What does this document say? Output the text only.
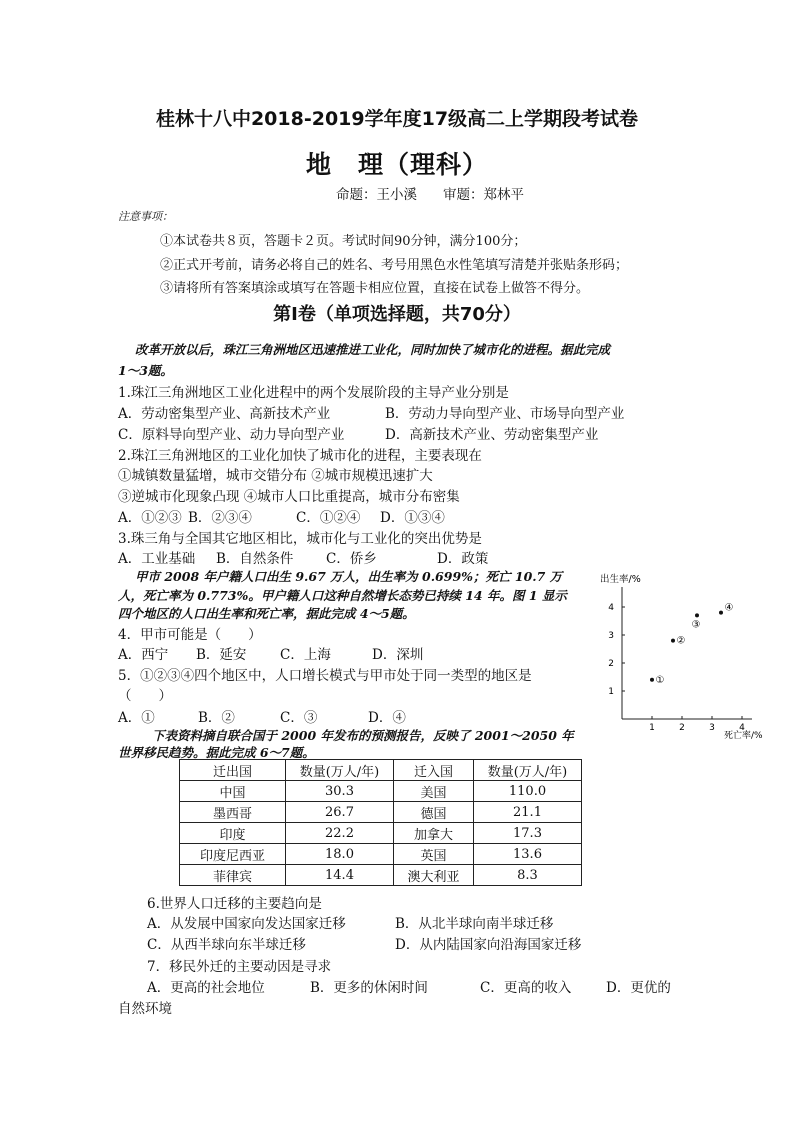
桂林十八中2018-2019学年度17级高二上学期段考试卷
地　理（理科）
命题：王小溪 审题：郑林平
注意事项：
①本试卷共８页，答题卡２页。考试时间90分钟，满分100分；
②正式开考前，请务必将自己的姓名、考号用黑色水性笔填写清楚并张贴条形码；
③请将所有答案填涂或填写在答题卡相应位置，直接在试卷上做答不得分。
第Ⅰ卷（单项选择题，共70分）
改革开放以后，珠江三角洲地区迅速推进工业化，同时加快了城市化的进程。据此完成
1～3题。
1.珠江三角洲地区工业化进程中的两个发展阶段的主导产业分别是
A．劳动密集型产业、高新技术产业	B．劳动力导向型产业、市场导向型产业
C．原料导向型产业、动力导向型产业	D．高新技术产业、劳动密集型产业
2.珠江三角洲地区的工业化加快了城市化的进程，主要表现在
①城镇数量猛增，城市交错分布 ②城市规模迅速扩大
③逆城市化现象凸现 ④城市人口比重提高，城市分布密集
A．①②③ B．②③④	C．①②④ D．①③④
3.珠三角与全国其它地区相比，城市化与工业化的突出优势是
A．工业基础 B．自然条件 C．侨乡	D．政策
甲市 2008 年户籍人口出生 9.67 万人，出生率为 0.699%；死亡 10.7 万
人，死亡率为 0.773%。甲户籍人口这种自然增长态势已持续 14 年。图 1 显示
四个地区的人口出生率和死亡率，据此完成 4～5题。
4．甲市可能是（　　）
A．西宁 B．延安 C．上海	D．深圳
5．①②③④四个地区中，人口增长模式与甲市处于同一类型的地区是
（　　）
A．①	B．②	C．③	D．④
出生率/%
死亡率/%
1	2	3	4
1
2
3
4
①
②
③
④
下表资料摘自联合国于 2000 年发布的预测报告，反映了 2001～2050 年
世界移民趋势。据此完成 6～7题。
迁出国	数量(万人/年)	迁入国	数量(万人/年)
中国	30.3	美国	110.0
墨西哥	26.7	德国	21.1
印度	22.2	加拿大	17.3
印度尼西亚	18.0	英国	13.6
菲律宾	14.4	澳大利亚	8.3
6.世界人口迁移的主要趋向是
A．从发展中国家向发达国家迁移	B．从北半球向南半球迁移
C．从西半球向东半球迁移	D．从内陆国家向沿海国家迁移
7．移民外迁的主要动因是寻求
A．更高的社会地位	B．更多的休闲时间	C．更高的收入	D．更优的
自然环境
